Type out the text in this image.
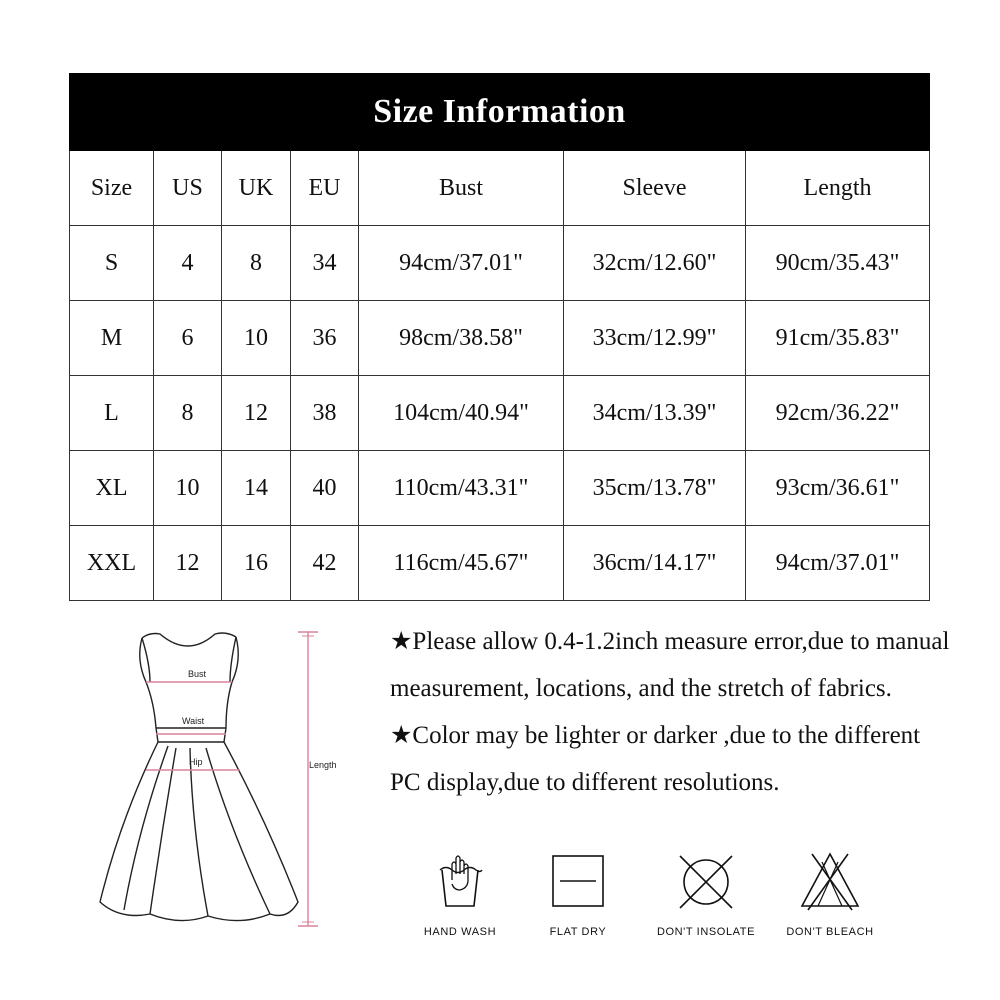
Size Information						
Size	US	UK	EU	Bust	Sleeve	Length
S	4	8	34	94cm/37.01"	32cm/12.60"	90cm/35.43"
M	6	10	36	98cm/38.58"	33cm/12.99"	91cm/35.83"
L	8	12	38	104cm/40.94"	34cm/13.39"	92cm/36.22"
XL	10	14	40	110cm/43.31"	35cm/13.78"	93cm/36.61"
XXL	12	16	42	116cm/45.67"	36cm/14.17"	94cm/37.01"
Bust
Waist
Hip	Length

★Please allow 0.4-1.2inch measure error,due to manual measurement, locations, and the stretch of fabrics.

★Color may be lighter or darker ,due to the different PC display,due to different resolutions.

HAND WASH	FLAT DRY	DON'T INSOLATE	DON'T BLEACH
